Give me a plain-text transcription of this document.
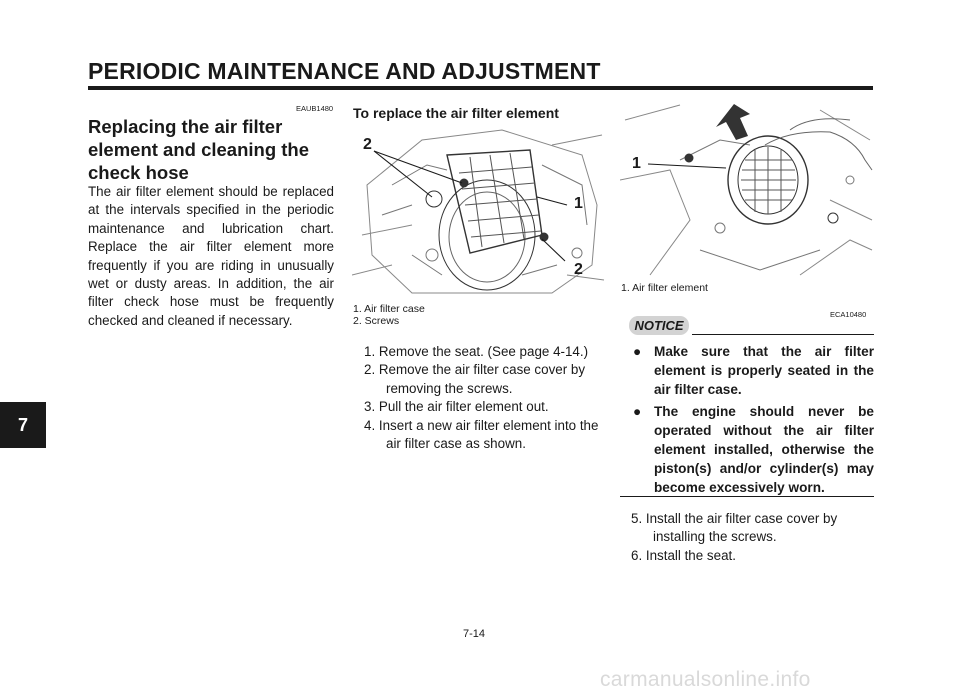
PERIODIC MAINTENANCE AND ADJUSTMENT
7
EAUB1480
Replacing the air filter element and cleaning the check hose

The air filter element should be replaced at the intervals specified in the periodic maintenance and lubrication chart. Replace the air filter element more frequently if you are riding in unusually wet or dusty areas. In addition, the air filter check hose must be frequently checked and cleaned if necessary.

To replace the air filter element
2
1
2
1. Air filter case
2. Screws
1. Remove the seat. (See page 4-14.)
2. Remove the air filter case cover by removing the screws.
3. Pull the air filter element out.
4. Insert a new air filter element into the air filter case as shown.
1
1. Air filter element
ECA10480
NOTICE
● Make sure that the air filter element is properly seated in the air filter case.
● The engine should never be operated without the air filter element installed, otherwise the piston(s) and/or cylinder(s) may become excessively worn.
5. Install the air filter case cover by installing the screws.
6. Install the seat.
7-14
carmanualsonline.info
